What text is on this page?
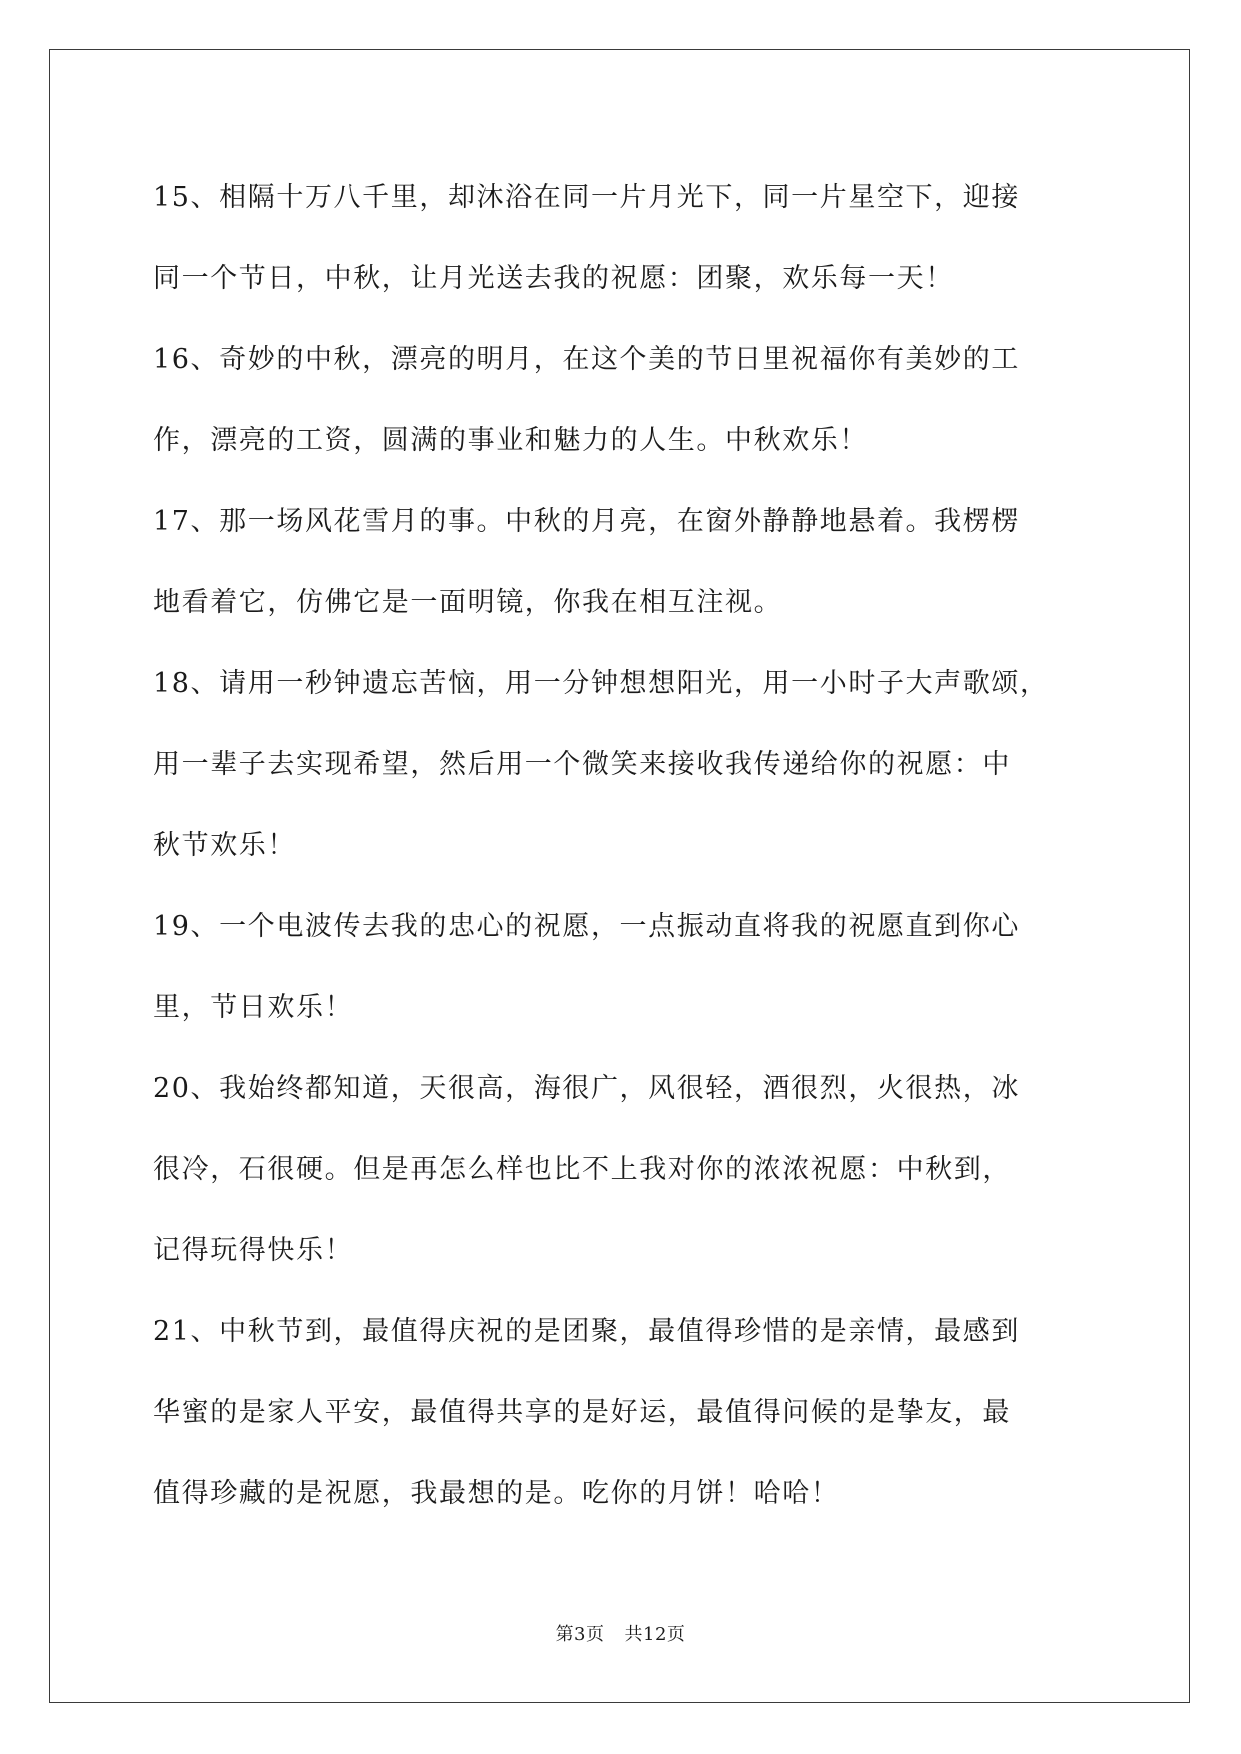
15、相隔十万八千里，却沐浴在同一片月光下，同一片星空下，迎接
同一个节日，中秋，让月光送去我的祝愿：团聚，欢乐每一天！

16、奇妙的中秋，漂亮的明月，在这个美的节日里祝福你有美妙的工
作，漂亮的工资，圆满的事业和魅力的人生。中秋欢乐！

17、那一场风花雪月的事。中秋的月亮，在窗外静静地悬着。我楞楞
地看着它，仿佛它是一面明镜，你我在相互注视。

18、请用一秒钟遗忘苦恼，用一分钟想想阳光，用一小时子大声歌颂，
用一辈子去实现希望，然后用一个微笑来接收我传递给你的祝愿：中
秋节欢乐！

19、一个电波传去我的忠心的祝愿，一点振动直将我的祝愿直到你心
里，节日欢乐！

20、我始终都知道，天很高，海很广，风很轻，酒很烈，火很热，冰
很冷，石很硬。但是再怎么样也比不上我对你的浓浓祝愿：中秋到，
记得玩得快乐！

21、中秋节到，最值得庆祝的是团聚，最值得珍惜的是亲情，最感到
华蜜的是家人平安，最值得共享的是好运，最值得问候的是挚友，最
值得珍藏的是祝愿，我最想的是。吃你的月饼！哈哈！

第3页 共12页
